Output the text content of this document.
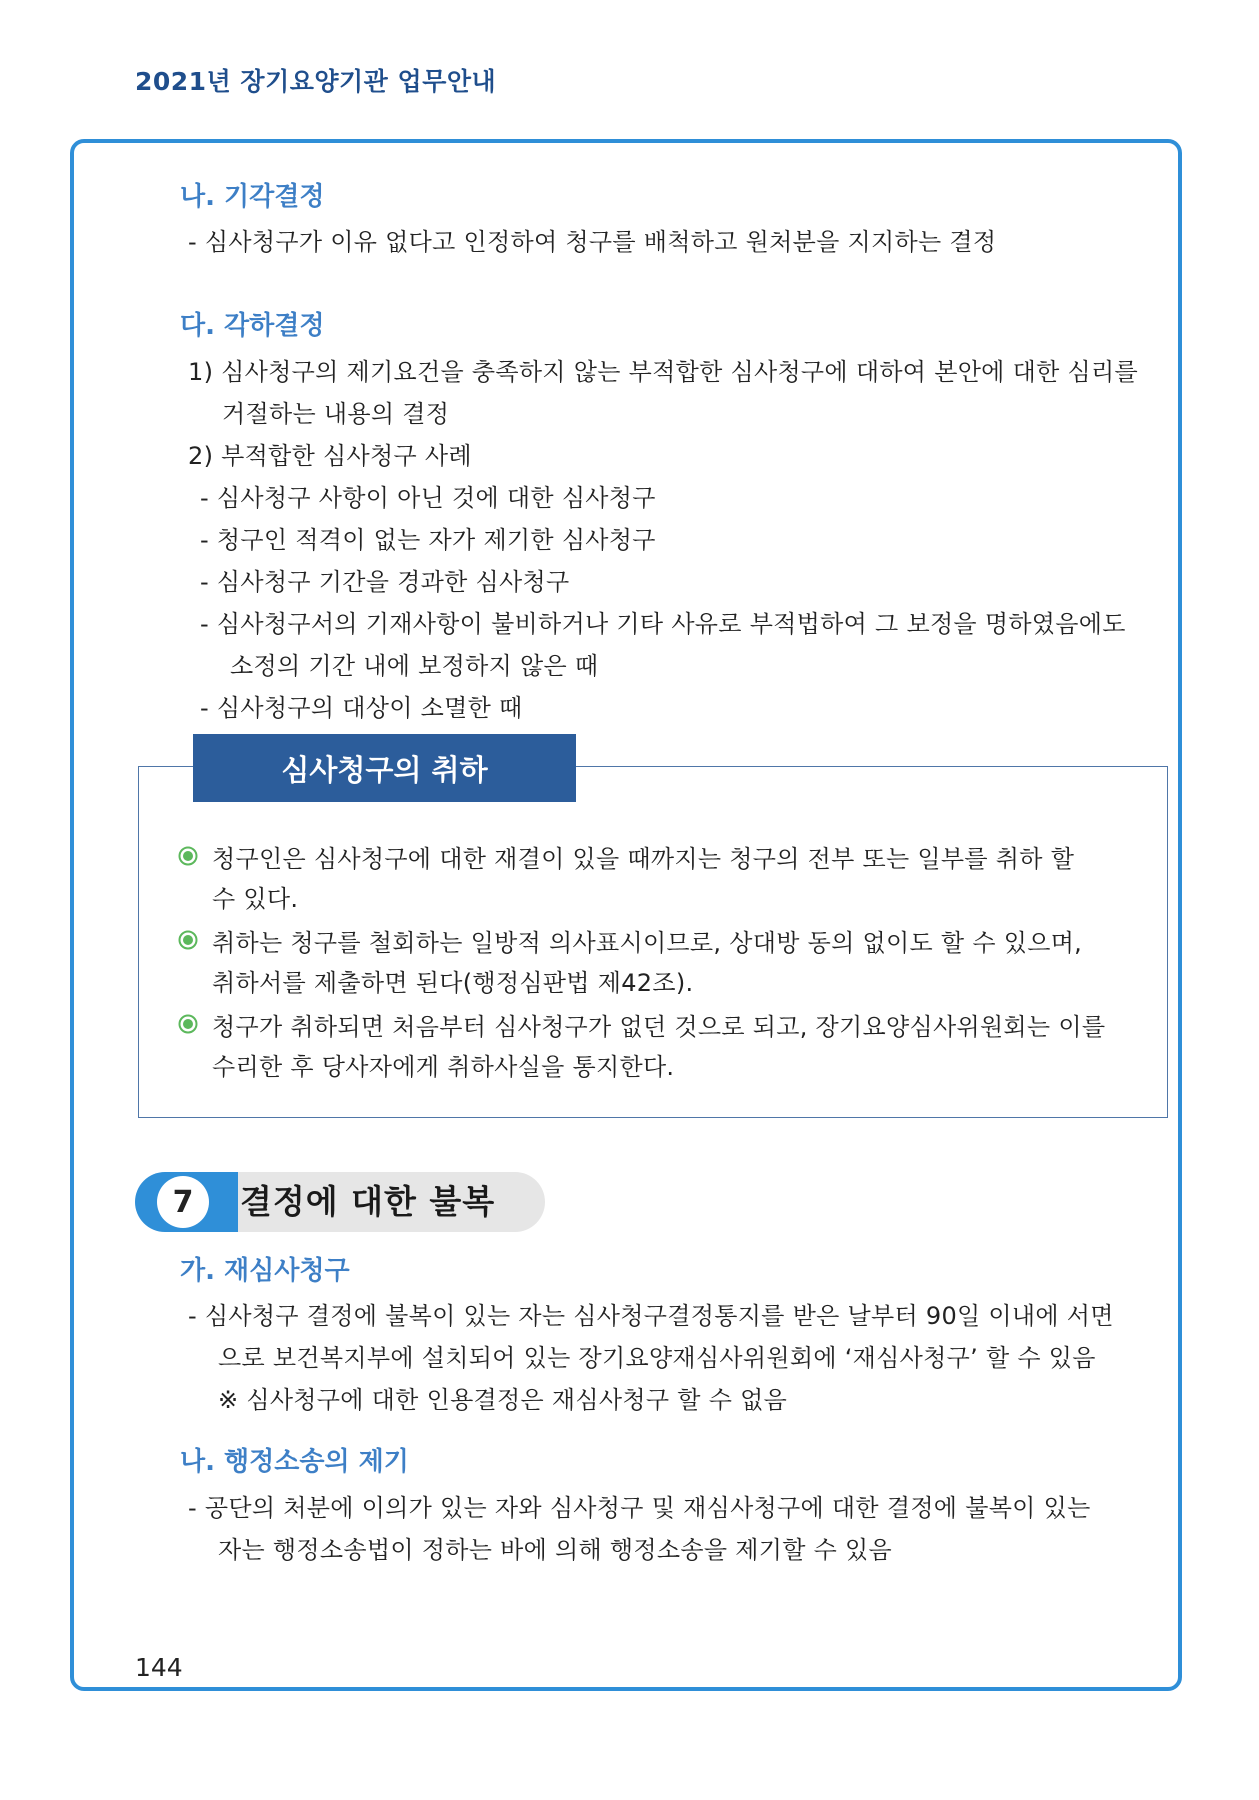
2021년 장기요양기관 업무안내
나. 기각결정
- 심사청구가 이유 없다고 인정하여 청구를 배척하고 원처분을 지지하는 결정
다. 각하결정
1) 심사청구의 제기요건을 충족하지 않는 부적합한 심사청구에 대하여 본안에 대한 심리를
거절하는 내용의 결정
2) 부적합한 심사청구 사례
- 심사청구 사항이 아닌 것에 대한 심사청구
- 청구인 적격이 없는 자가 제기한 심사청구
- 심사청구 기간을 경과한 심사청구
- 심사청구서의 기재사항이 불비하거나 기타 사유로 부적법하여 그 보정을 명하였음에도
소정의 기간 내에 보정하지 않은 때
- 심사청구의 대상이 소멸한 때
심사청구의 취하
청구인은 심사청구에 대한 재결이 있을 때까지는 청구의 전부 또는 일부를 취하 할
수 있다.
취하는 청구를 철회하는 일방적 의사표시이므로, 상대방 동의 없이도 할 수 있으며,
취하서를 제출하면 된다(행정심판법 제42조).
청구가 취하되면 처음부터 심사청구가 없던 것으로 되고, 장기요양심사위원회는 이를
수리한 후 당사자에게 취하사실을 통지한다.
7	결정에 대한 불복
가. 재심사청구
- 심사청구 결정에 불복이 있는 자는 심사청구결정통지를 받은 날부터 90일 이내에 서면
으로 보건복지부에 설치되어 있는 장기요양재심사위원회에 ‘재심사청구’ 할 수 있음
※ 심사청구에 대한 인용결정은 재심사청구 할 수 없음
나. 행정소송의 제기
- 공단의 처분에 이의가 있는 자와 심사청구 및 재심사청구에 대한 결정에 불복이 있는
자는 행정소송법이 정하는 바에 의해 행정소송을 제기할 수 있음
144
